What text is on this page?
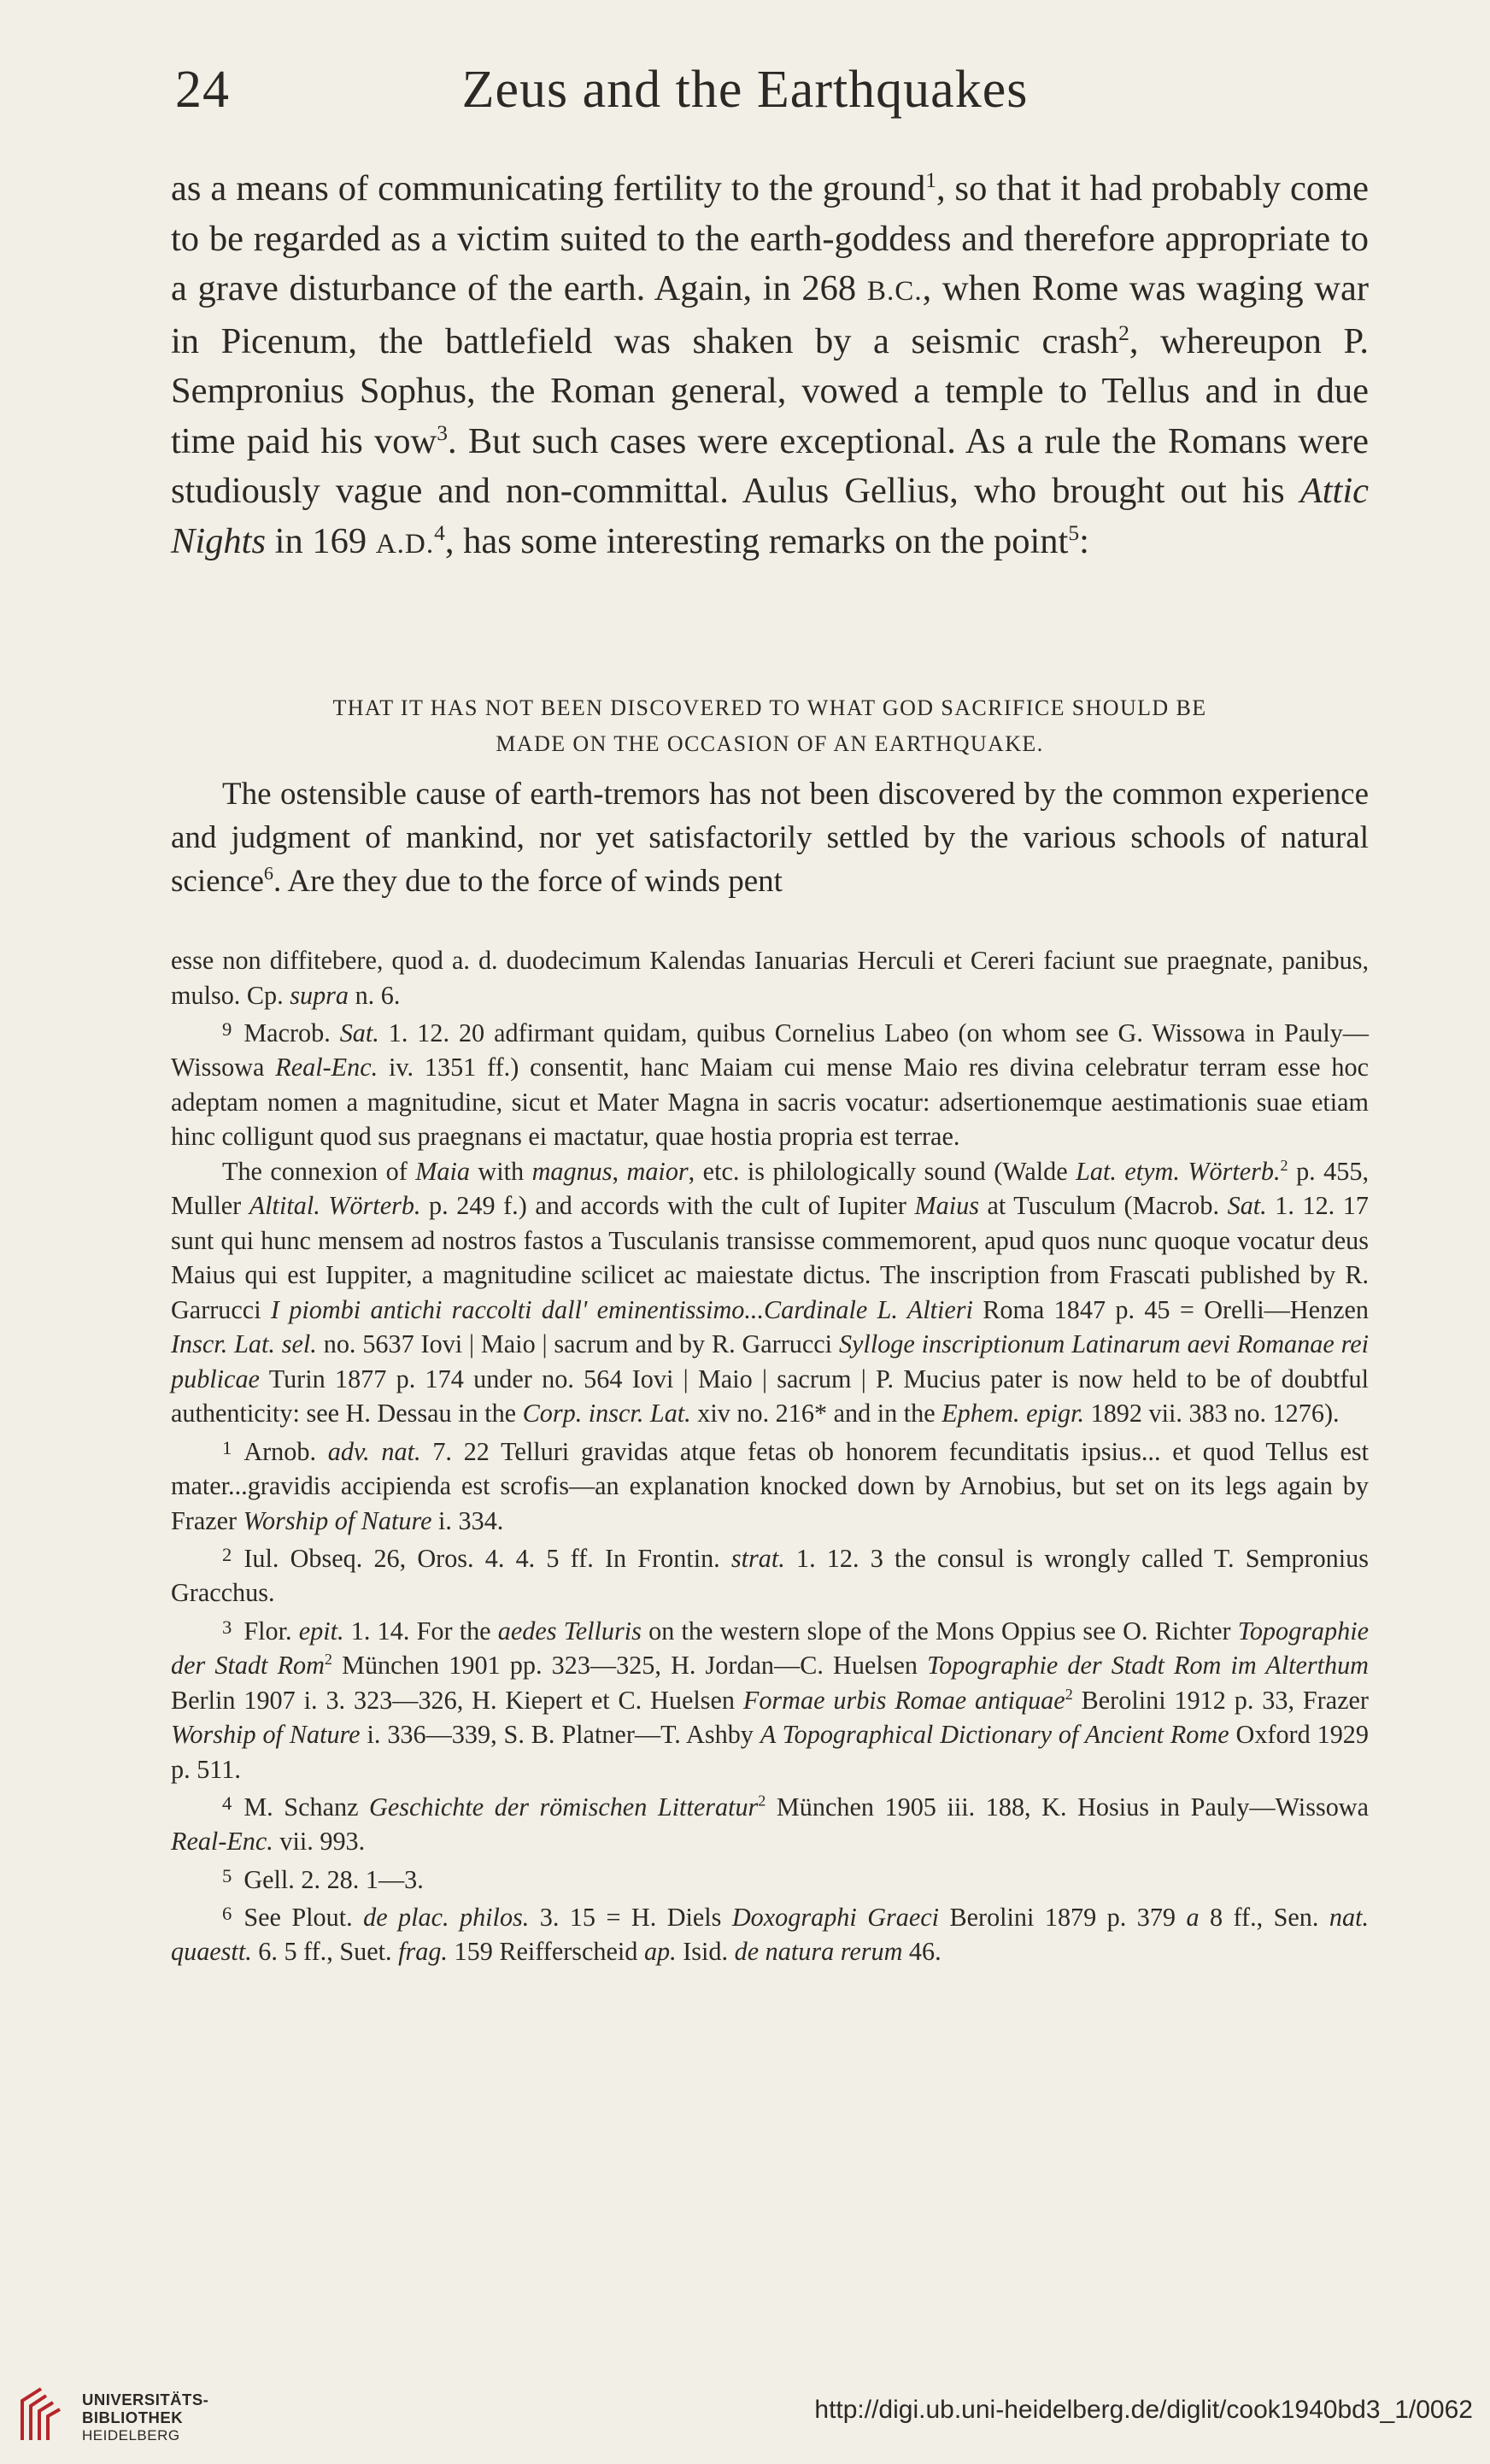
Zeus and the Earthquakes
24

as a means of communicating fertility to the ground$^1$, so that it had probably come to be regarded as a victim suited to the earth-goddess and therefore appropriate to a grave disturbance of the earth. Again, in 268 B.C., when Rome was waging war in Picenum, the battlefield was shaken by a seismic crash$^2$, whereupon P. Sempronius Sophus, the Roman general, vowed a temple to Tellus and in due time paid his vow$^3$. But such cases were exceptional. As a rule the Romans were studiously vague and non-committal. Aulus Gellius, who brought out his Attic Nights in 169 A.D.$^4$, has some interesting remarks on the point$^5$:

THAT IT HAS NOT BEEN DISCOVERED TO WHAT GOD SACRIFICE SHOULD BE
MADE ON THE OCCASION OF AN EARTHQUAKE.

The ostensible cause of earth-tremors has not been discovered by the common experience and judgment of mankind, nor yet satisfactorily settled by the various schools of natural science$^6$. Are they due to the force of winds pent

esse non diffitebere, quod a. d. duodecimum Kalendas Ianuarias Herculi et Cereri faciunt sue praegnate, panibus, mulso. Cp. supra n. 6.

$^9$ Macrob. Sat. 1. 12. 20 adfirmant quidam, quibus Cornelius Labeo (on whom see G. Wissowa in Pauly—Wissowa Real-Enc. iv. 1351 ff.) consentit, hanc Maiam cui mense Maio res divina celebratur terram esse hoc adeptam nomen a magnitudine, sicut et Mater Magna in sacris vocatur: adsertionemque aestimationis suae etiam hinc colligunt quod sus praegnans ei mactatur, quae hostia propria est terrae.

The connexion of Maia with magnus, maior, etc. is philologically sound (Walde Lat. etym. Wörterb.$^2$ p. 455, Muller Altital. Wörterb. p. 249 f.) and accords with the cult of Iupiter Maius at Tusculum (Macrob. Sat. 1. 12. 17 sunt qui hunc mensem ad nostros fastos a Tusculanis transisse commemorent, apud quos nunc quoque vocatur deus Maius qui est Iuppiter, a magnitudine scilicet ac maiestate dictus. The inscription from Frascati published by R. Garrucci I piombi antichi raccolti dall' eminentissimo...Cardinale L. Altieri Roma 1847 p. 45 = Orelli—Henzen Inscr. Lat. sel. no. 5637 Iovi | Maio | sacrum and by R. Garrucci Sylloge inscriptionum Latinarum aevi Romanae rei publicae Turin 1877 p. 174 under no. 564 Iovi | Maio | sacrum | P. Mucius pater is now held to be of doubtful authenticity: see H. Dessau in the Corp. inscr. Lat. xiv no. 216* and in the Ephem. epigr. 1892 vii. 383 no. 1276).

$^1$ Arnob. adv. nat. 7. 22 Telluri gravidas atque fetas ob honorem fecunditatis ipsius... et quod Tellus est mater...gravidis accipienda est scrofis—an explanation knocked down by Arnobius, but set on its legs again by Frazer Worship of Nature i. 334.

$^2$ Iul. Obseq. 26, Oros. 4. 4. 5 ff. In Frontin. strat. 1. 12. 3 the consul is wrongly called T. Sempronius Gracchus.

$^3$ Flor. epit. 1. 14. For the aedes Telluris on the western slope of the Mons Oppius see O. Richter Topographie der Stadt Rom$^2$ München 1901 pp. 323—325, H. Jordan—C. Huelsen Topographie der Stadt Rom im Alterthum Berlin 1907 i. 3. 323—326, H. Kiepert et C. Huelsen Formae urbis Romae antiquae$^2$ Berolini 1912 p. 33, Frazer Worship of Nature i. 336—339, S. B. Platner—T. Ashby A Topographical Dictionary of Ancient Rome Oxford 1929 p. 511.

$^4$ M. Schanz Geschichte der römischen Litteratur$^2$ München 1905 iii. 188, K. Hosius in Pauly—Wissowa Real-Enc. vii. 993.

$^5$ Gell. 2. 28. 1—3.

$^6$ See Plout. de plac. philos. 3. 15 = H. Diels Doxographi Graeci Berolini 1879 p. 379 a 8 ff., Sen. nat. quaestt. 6. 5 ff., Suet. frag. 159 Reifferscheid ap. Isid. de natura rerum 46.

UNIVERSITÄTS-
BIBLIOTHEK
HEIDELBERG
http://digi.ub.uni-heidelberg.de/diglit/cook1940bd3_1/0062
